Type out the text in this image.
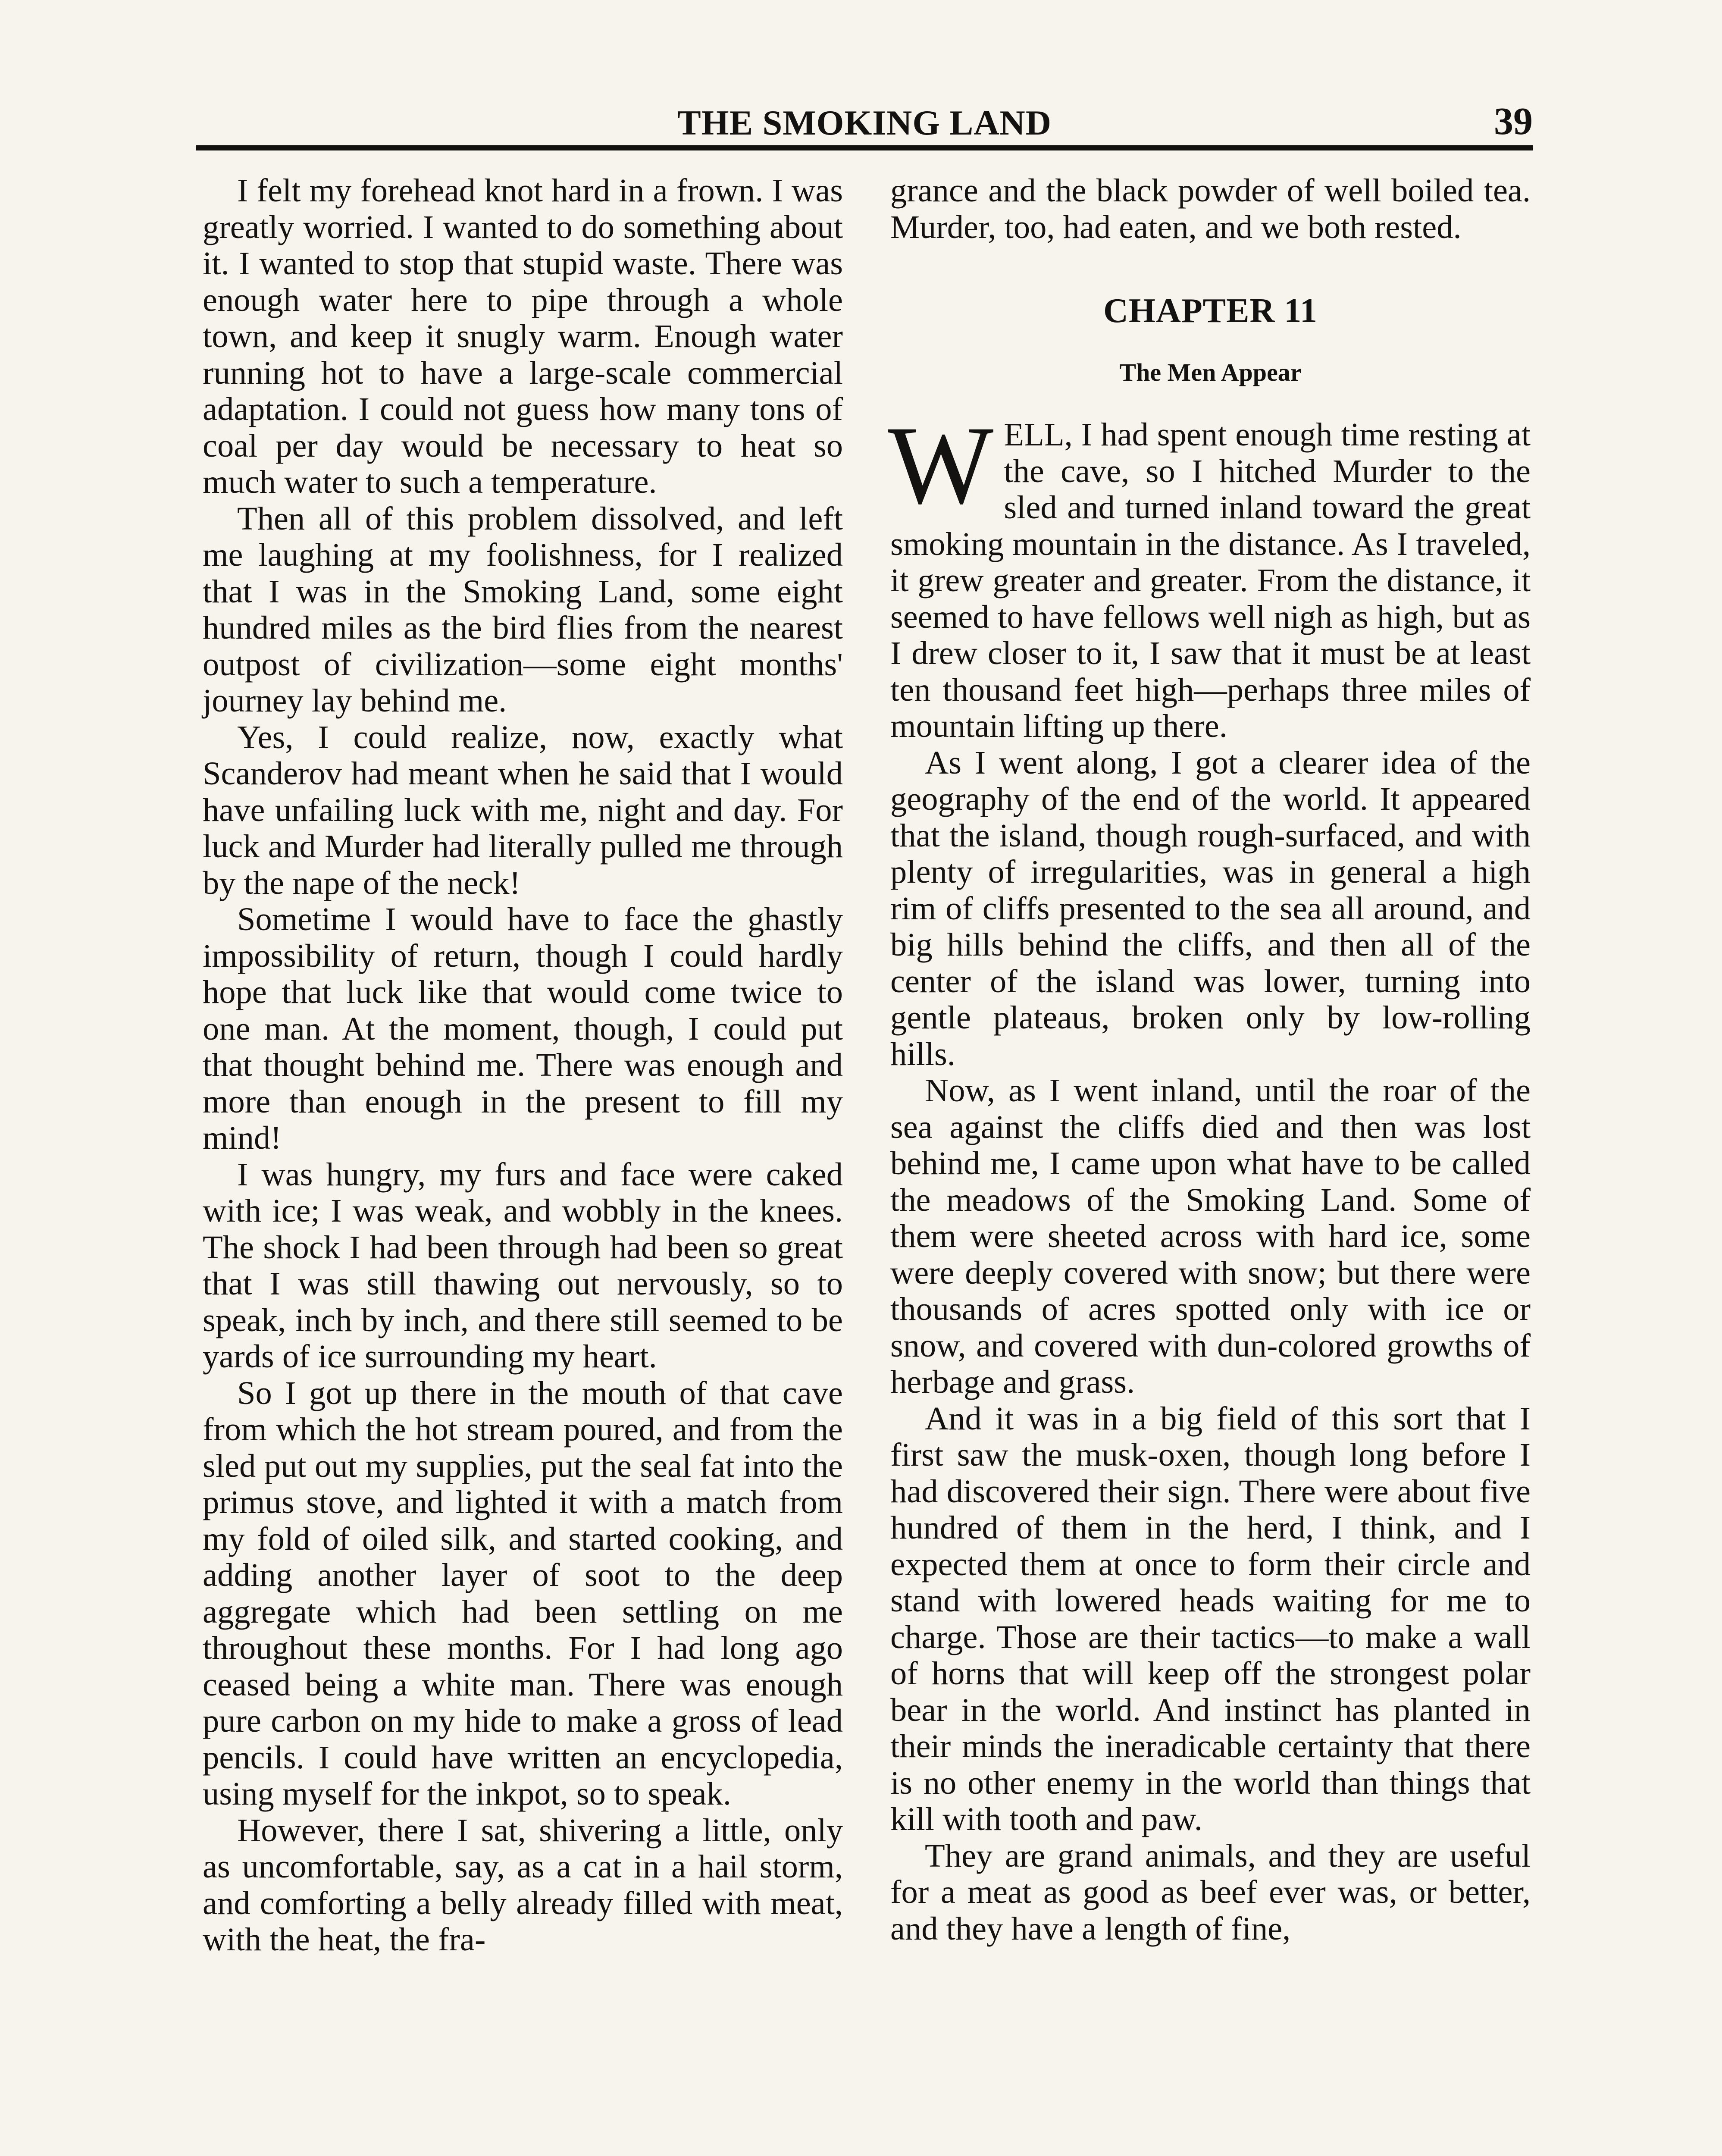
THE SMOKING LAND	39

I felt my forehead knot hard in a frown. I was greatly worried. I wanted to do something about it. I wanted to stop that stupid waste. There was enough water here to pipe through a whole town, and keep it snugly warm. Enough water running hot to have a large-scale commercial adaptation. I could not guess how many tons of coal per day would be necessary to heat so much water to such a temperature.

Then all of this problem dissolved, and left me laughing at my foolishness, for I realized that I was in the Smoking Land, some eight hundred miles as the bird flies from the nearest outpost of civilization—some eight months' journey lay behind me.

Yes, I could realize, now, exactly what Scanderov had meant when he said that I would have unfailing luck with me, night and day. For luck and Murder had literally pulled me through by the nape of the neck!

Sometime I would have to face the ghastly impossibility of return, though I could hardly hope that luck like that would come twice to one man. At the moment, though, I could put that thought behind me. There was enough and more than enough in the present to fill my mind!

I was hungry, my furs and face were caked with ice; I was weak, and wobbly in the knees. The shock I had been through had been so great that I was still thawing out nervously, so to speak, inch by inch, and there still seemed to be yards of ice surrounding my heart.

So I got up there in the mouth of that cave from which the hot stream poured, and from the sled put out my supplies, put the seal fat into the primus stove, and lighted it with a match from my fold of oiled silk, and started cooking, and adding another layer of soot to the deep aggregate which had been settling on me throughout these months. For I had long ago ceased being a white man. There was enough pure carbon on my hide to make a gross of lead pencils. I could have written an encyclopedia, using myself for the inkpot, so to speak.

However, there I sat, shivering a little, only as uncomfortable, say, as a cat in a hail storm, and comforting a belly already filled with meat, with the heat, the fra-

grance and the black powder of well boiled tea. Murder, too, had eaten, and we both rested.

CHAPTER 11
The Men Appear

WELL, I had spent enough time resting at the cave, so I hitched Murder to the sled and turned inland toward the great smoking mountain in the distance. As I traveled, it grew greater and greater. From the distance, it seemed to have fellows well nigh as high, but as I drew closer to it, I saw that it must be at least ten thousand feet high—perhaps three miles of mountain lifting up there.

As I went along, I got a clearer idea of the geography of the end of the world. It appeared that the island, though rough-surfaced, and with plenty of irregularities, was in general a high rim of cliffs presented to the sea all around, and big hills behind the cliffs, and then all of the center of the island was lower, turning into gentle plateaus, broken only by low-rolling hills.

Now, as I went inland, until the roar of the sea against the cliffs died and then was lost behind me, I came upon what have to be called the meadows of the Smoking Land. Some of them were sheeted across with hard ice, some were deeply covered with snow; but there were thousands of acres spotted only with ice or snow, and covered with dun-colored growths of herbage and grass.

And it was in a big field of this sort that I first saw the musk-oxen, though long before I had discovered their sign. There were about five hundred of them in the herd, I think, and I expected them at once to form their circle and stand with lowered heads waiting for me to charge. Those are their tactics—to make a wall of horns that will keep off the strongest polar bear in the world. And instinct has planted in their minds the ineradicable certainty that there is no other enemy in the world than things that kill with tooth and paw.

They are grand animals, and they are useful for a meat as good as beef ever was, or better, and they have a length of fine,
